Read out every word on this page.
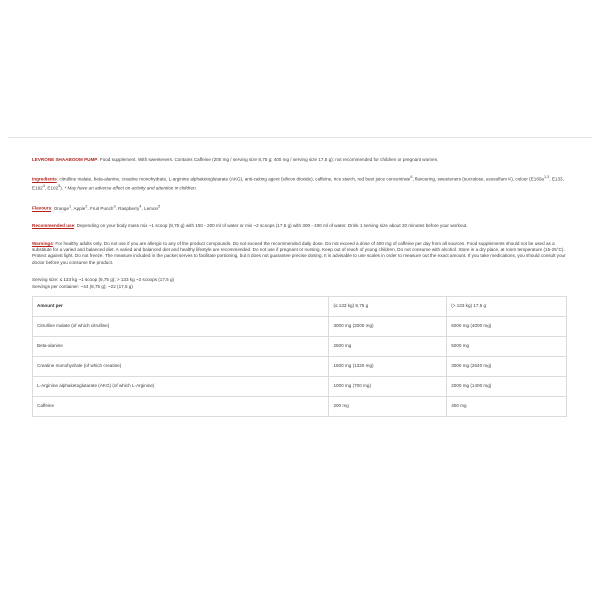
LEVRONE SHAABOOM PUMP. Food supplement. With sweeteners. Contains Caffeine (200 mg / serving size 8,75 g; 400 mg / serving size 17,5 g); not recommended for children or pregnant women.

Ingredients: citrulline malate, beta-alanine, creatine monohydrate, L-arginine alphaketoglutarate (AKG), anti-caking agent (silicon dioxide), caffeine, rice starch, red beet juice concentrate$^6$, flavouring, sweeteners (sucralose, acesulfam K), colour ($E160a^{1,3}$, E133, $E162^4$, $E102^5$). * May have an adverse effect on activity and attention in children.

Flavours: Orange$^1$, Apple$^2$, Fruit Punch$^3$, Raspberry$^4$, Lemon$^5$

Recommended use: Depending on your body mass mix ~1 scoop (8,75 g) with 150 - 200 ml of water or mix ~2 scoops (17,5 g) with 300 - 400 ml of water. Drink 1 serving size about 20 minutes before your workout.

Warnings: For healthy adults only. Do not use if you are allergic to any of the product compounds. Do not exceed the recommended daily dose. Do not exceed a dose of 400 mg of caffeine per day from all sources. Food supplements should not be used as a substitute for a varied and balanced diet. A varied and balanced diet and healthy lifestyle are recommended. Do not use if pregnant or nursing. Keep out of reach of young children. Do not consume with alcohol. Store in a dry place, at room temperature (15-25°C). Protect against light. Do not freeze. The measure included in the packet serves to facilitate portioning, but it does not guarantee precise dosing. It is advisable to use scales in order to measure out the exact amount. If you take medications, you should consult your doctor before you consume the product.

Serving size: ≤ 133 kg ~1 scoop (8,75 g); > 133 kg ~2 scoops (17,5 g)
Servings per container: ~44 (8,75 g); ~22 (17,5 g)

Amount per	(≤ 133 kg) 8,75 g	(> 133 kg) 17,5 g
Citrulline malate (of which citrulline)	3000 mg (2000 mg)	6000 mg (4000 mg)
Beta-alanine	2500 mg	5000 mg
Creatine monohydrate (of which creatine)	1500 mg (1320 mg)	3000 mg (2640 mg)
L-Arginine alphaketoglutarate (AKG) (of which L-Arginine)	1000 mg (700 mg)	2000 mg (1400 mg)
Caffeine	200 mg	400 mg
